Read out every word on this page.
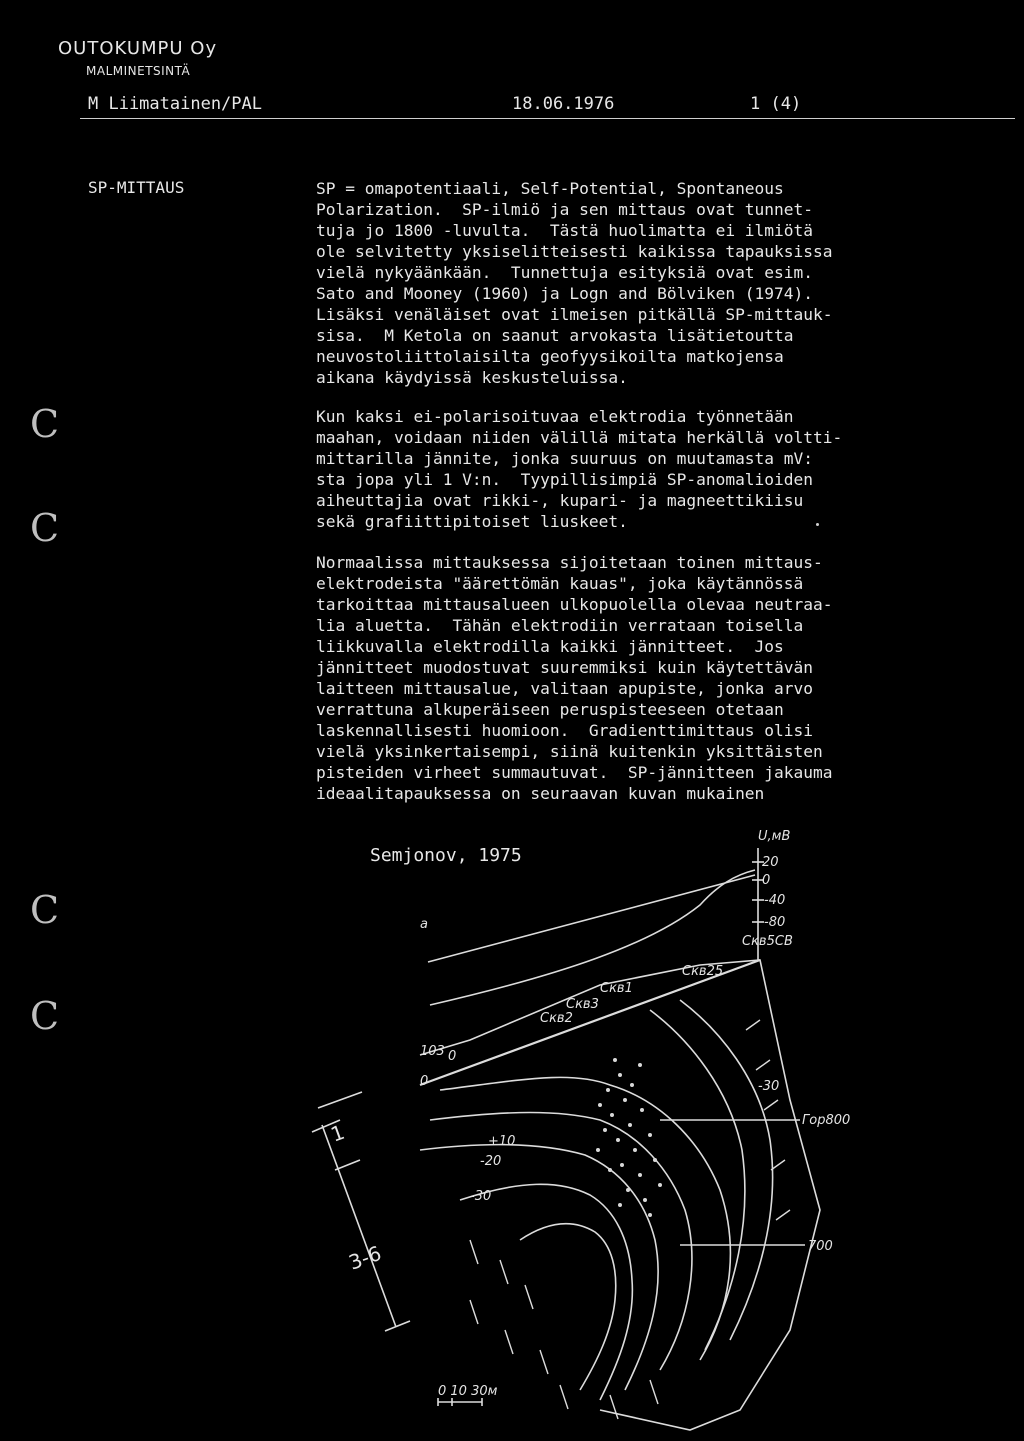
OUTOKUMPU Oy
MALMINETSINTÄ
M Liimatainen/PAL	18.06.1976	1 (4)
SP-MITTAUS	SP = omapotentiaali, Self-Potential, Spontaneous
Polarization.  SP-ilmiö ja sen mittaus ovat tunnet-
tuja jo 1800 -luvulta.  Tästä huolimatta ei ilmiötä
ole selvitetty yksiselitteisesti kaikissa tapauksissa
vielä nykyäänkään.  Tunnettuja esityksiä ovat esim.
Sato and Mooney (1960) ja Logn and Bölviken (1974).
Lisäksi venäläiset ovat ilmeisen pitkällä SP-mittauk-
sisa.  M Ketola on saanut arvokasta lisätietoutta
neuvostoliittolaisilta geofyysikoilta matkojensa
aikana käydyissä keskusteluissa.
Kun kaksi ei-polarisoituvaa elektrodia työnnetään
maahan, voidaan niiden välillä mitata herkällä voltti-
mittarilla jännite, jonka suuruus on muutamasta mV:
sta jopa yli 1 V:n.  Tyypillisimpiä SP-anomalioiden
aiheuttajia ovat rikki-, kupari- ja magneettikiisu
sekä grafiittipitoiset liuskeet.
Normaalissa mittauksessa sijoitetaan toinen mittaus-
elektrodeista "äärettömän kauas", joka käytännössä
tarkoittaa mittausalueen ulkopuolella olevaa neutraa-
lia aluetta.  Tähän elektrodiin verrataan toisella
liikkuvalla elektrodilla kaikki jännitteet.  Jos
jännitteet muodostuvat suuremmiksi kuin käytettävän
laitteen mittausalue, valitaan apupiste, jonka arvo
verrattuna alkuperäiseen peruspisteeseen otetaan
laskennallisesti huomioon.  Gradienttimittaus olisi
vielä yksinkertaisempi, siinä kuitenkin yksittäisten
pisteiden virheet summautuvat.  SP-jännitteen jakauma
ideaalitapauksessa on seuraavan kuvan mukainen
C
C
C
C
Semjonov, 1975
a
U,мВ
20
0
-40
-80
103
+10
-20
-30
-30
0
0
Гор800
700
0 10 30м
Скв25
Скв5СВ
Скв1
Скв3
Скв2
3-6
1
